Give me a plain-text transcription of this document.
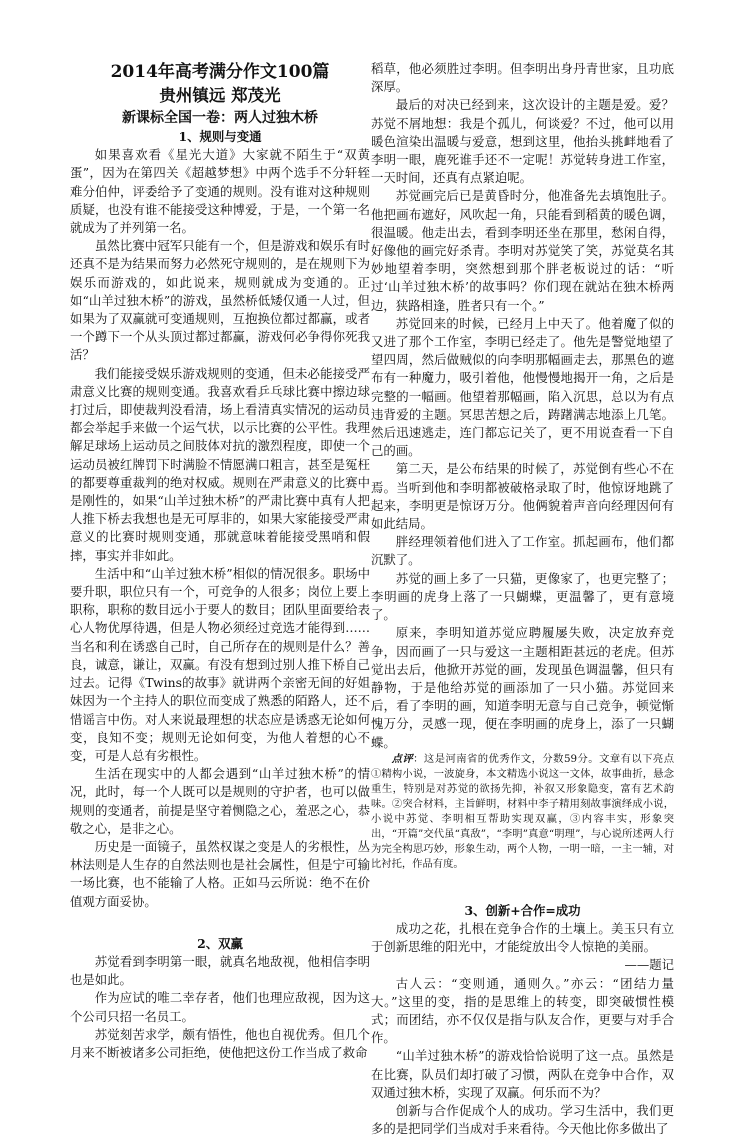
2014年高考满分作文100篇

贵州镇远 郑茂光

新课标全国一卷：两人过独木桥

1、规则与变通

如果喜欢看《星光大道》大家就不陌生于“双黄蛋”，因为在第四关《超越梦想》中两个选手不分轩轾难分伯仲，评委给予了变通的规则。没有谁对这种规则质疑，也没有谁不能接受这种博爱，于是，一个第一名就成为了并列第一名。

虽然比赛中冠军只能有一个，但是游戏和娱乐有时还真不是为结果而努力必然死守规则的，是在规则下为娱乐而游戏的，如此说来，规则就成为变通的。正如“山羊过独木桥”的游戏，虽然桥低矮仅通一人过，但如果为了双赢就可变通规则，互抱换位都过都赢，或者一个蹲下一个从头顶过都过都赢，游戏何必争得你死我活？

我们能接受娱乐游戏规则的变通，但未必能接受严肃意义比赛的规则变通。我喜欢看乒乓球比赛中擦边球打过后，即使裁判没看清，场上看清真实情况的运动员都会举起手来做一个运气状，以示比赛的公平性。我理解足球场上运动员之间肢体对抗的激烈程度，即使一个运动员被红牌罚下时满脸不情愿满口粗言，甚至是冤枉的都要尊重裁判的绝对权威。规则在严肃意义的比赛中是刚性的，如果“山羊过独木桥”的严肃比赛中真有人把人推下桥去我想也是无可厚非的，如果大家能接受严肃意义的比赛时规则变通，那就意味着能接受黑哨和假摔，事实并非如此。

生活中和“山羊过独木桥”相似的情况很多。职场中要升职，职位只有一个，可竞争的人很多；岗位上要上职称，职称的数目远小于要人的数目；团队里面要给表心人物优厚待遇，但是人物必须经过竞选才能得到……当名和利在诱惑自己时，自己所存在的规则是什么？善良，诚意，谦让，双赢。有没有想到过别人推下桥自己过去。记得《Twins的故事》就讲两个亲密无间的好姐妹因为一个主持人的职位而变成了熟悉的陌路人，还不惜谣言中伤。对人来说最理想的状态应是诱惑无论如何变，良知不变；规则无论如何变，为他人着想的心不变，可是人总有劣根性。

生活在现实中的人都会遇到“山羊过独木桥”的情况，此时，每一个人既可以是规则的守护者，也可以做规则的变通者，前提是坚守着恻隐之心，羞恶之心，恭敬之心，是非之心。

历史是一面镜子，虽然权谋之变是人的劣根性，丛林法则是人生存的自然法则也是社会属性，但是宁可输一场比赛，也不能输了人格。正如马云所说：绝不在价值观方面妥协。

2、双赢

苏觉看到李明第一眼，就真名地敌视，他相信李明也是如此。

作为应试的唯二幸存者，他们也理应敌视，因为这个公司只招一名员工。

苏觉刻苦求学，颇有悟性，他也自视优秀。但几个月来不断被诸多公司拒绝，使他把这份工作当成了救命

稻草，他必须胜过李明。但李明出身丹青世家，且功底深厚。

最后的对决已经到来，这次设计的主题是爱。爱？苏觉不屑地想：我是个孤儿，何谈爱？不过，他可以用暖色渲染出温暖与爱意，想到这里，他抬头挑衅地看了李明一眼，鹿死谁手还不一定呢！苏觉转身进工作室，一天时间，还真有点紧迫呢。

苏觉画完后已是黄昏时分，他准备先去填饱肚子。他把画布遮好，风吹起一角，只能看到稻黄的暖色调，很温暖。他走出去，看到李明还坐在那里，愁闲自得，好像他的画完好杀青。李明对苏觉笑了笑，苏觉莫名其妙地望着李明，突然想到那个胖老板说过的话：“听过‘山羊过独木桥’的故事吗？你们现在就站在独木桥两边，狭路相逢，胜者只有一个。”

苏觉回来的时候，已经月上中天了。他着魔了似的又进了那个工作室，李明已经走了。他先是警觉地望了望四周，然后做贼似的向李明那幅画走去，那黑色的遮布有一种魔力，吸引着他，他慢慢地揭开一角，之后是完整的一幅画。他望着那幅画，陷入沉思，总以为有点违背爱的主题。冥思苦想之后，踌躇满志地添上几笔。然后迅速逃走，连门都忘记关了，更不用说查看一下自己的画。

第二天，是公布结果的时候了，苏觉倒有些心不在焉。当听到他和李明都被破格录取了时，他惊讶地跳了起来，李明更是惊讶万分。他俩貌着声音向经理因何有如此结局。

胖经理领着他们进入了工作室。抓起画布，他们都沉默了。

苏觉的画上多了一只猫，更像家了，也更完整了；李明画的虎身上落了一只蝴蝶，更温馨了，更有意境了。

原来，李明知道苏觉应聘履屡失败，决定放弃竞争，因而画了一只与爱这一主题相距甚远的老虎。但苏觉出去后，他掀开苏觉的画，发现虽色调温馨，但只有静物，于是他给苏觉的画添加了一只小猫。苏觉回来后，看了李明的画，知道李明无意与自己竞争，顿觉惭愧万分，灵感一现，便在李明画的虎身上，添了一只蝴蝶。

点评：这是河南省的优秀作文，分数59分。文章有以下亮点 ①精构小说，一波旋身，本文精选小说这一文体，故事曲折，悬念重生，特别是对苏觉的欲扬先抑，补叙又形象隐变，富有艺术韵味。②突合材料，主旨鲜明，材料中李子精用刻故事演绎成小说，小说中苏觉、李明相互帮助实现双赢，③内容丰实，形象突出，“开篇”交代虽“真敌”，“李明”真意“明理”，与心说所述两人行为完全构思巧妙，形象生动，两个人物，一明一暗，一主一辅，对比衬托，作品有度。

3、创新+合作=成功

成功之花，扎根在竞争合作的土壤上。美玉只有立于创新思维的阳光中，才能绽放出令人惊艳的美丽。

——题记

古人云：“变则通，通则久。”亦云：“团结力量大。”这里的变，指的是思维上的转变，即突破惯性模式；而团结，亦不仅仅是指与队友合作，更要与对手合作。

“山羊过独木桥”的游戏恰恰说明了这一点。虽然是在比赛，队员们却打破了习惯，两队在竞争中合作，双双通过独木桥，实现了双赢。何乐而不为？

创新与合作促成个人的成功。学习生活中，我们更多的是把同学们当成对手来看待。今天他比你多做出了
